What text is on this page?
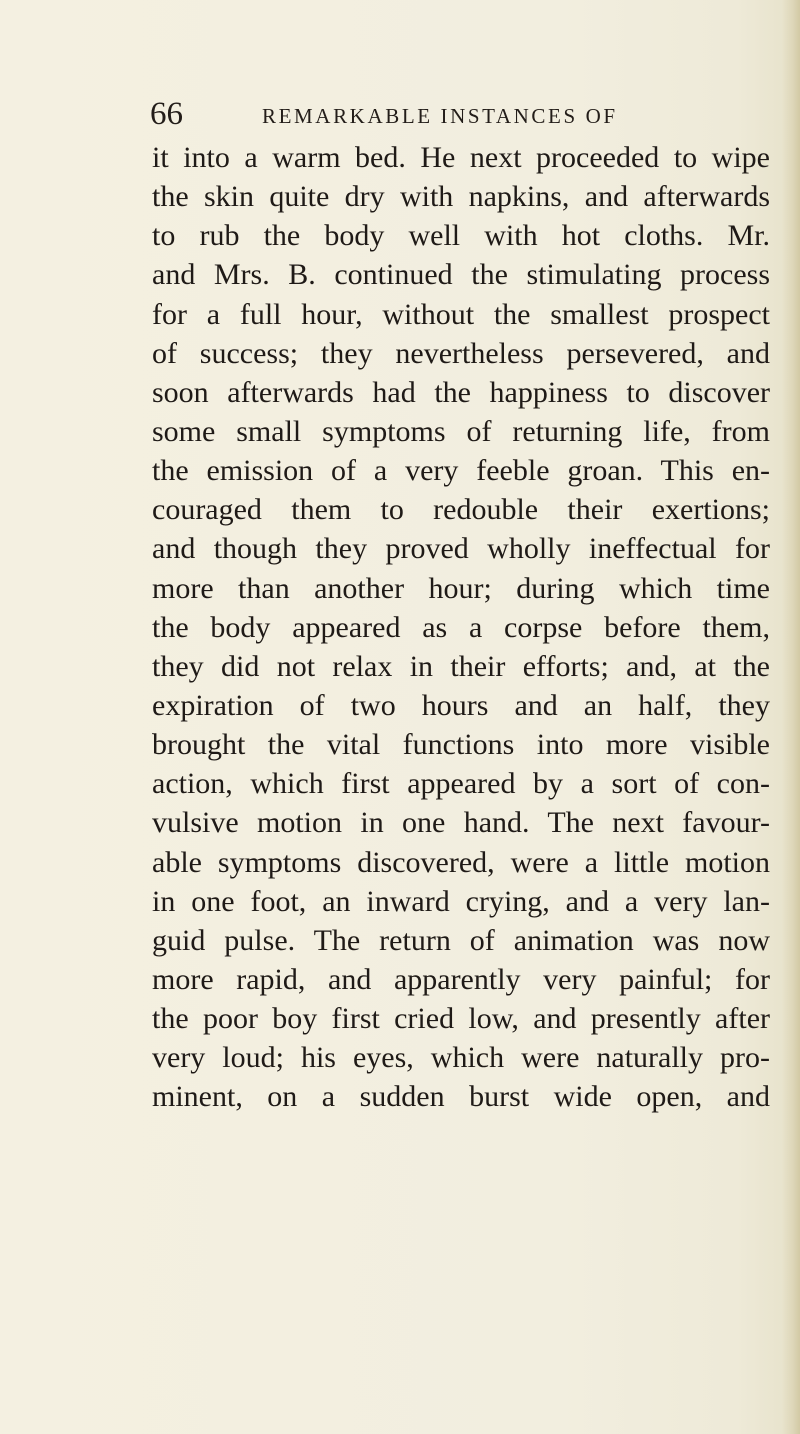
66	REMARKABLE INSTANCES OF
it into a warm bed. He next proceeded to wipe
the skin quite dry with napkins, and afterwards
to rub the body well with hot cloths. Mr.
and Mrs. B. continued the stimulating process
for a full hour, without the smallest prospect
of success; they nevertheless persevered, and
soon afterwards had the happiness to discover
some small symptoms of returning life, from
the emission of a very feeble groan. This en-
couraged them to redouble their exertions;
and though they proved wholly ineffectual for
more than another hour; during which time
the body appeared as a corpse before them,
they did not relax in their efforts; and, at the
expiration of two hours and an half, they
brought the vital functions into more visible
action, which first appeared by a sort of con-
vulsive motion in one hand. The next favour-
able symptoms discovered, were a little motion
in one foot, an inward crying, and a very lan-
guid pulse. The return of animation was now
more rapid, and apparently very painful; for
the poor boy first cried low, and presently after
very loud; his eyes, which were naturally pro-
minent, on a sudden burst wide open, and
